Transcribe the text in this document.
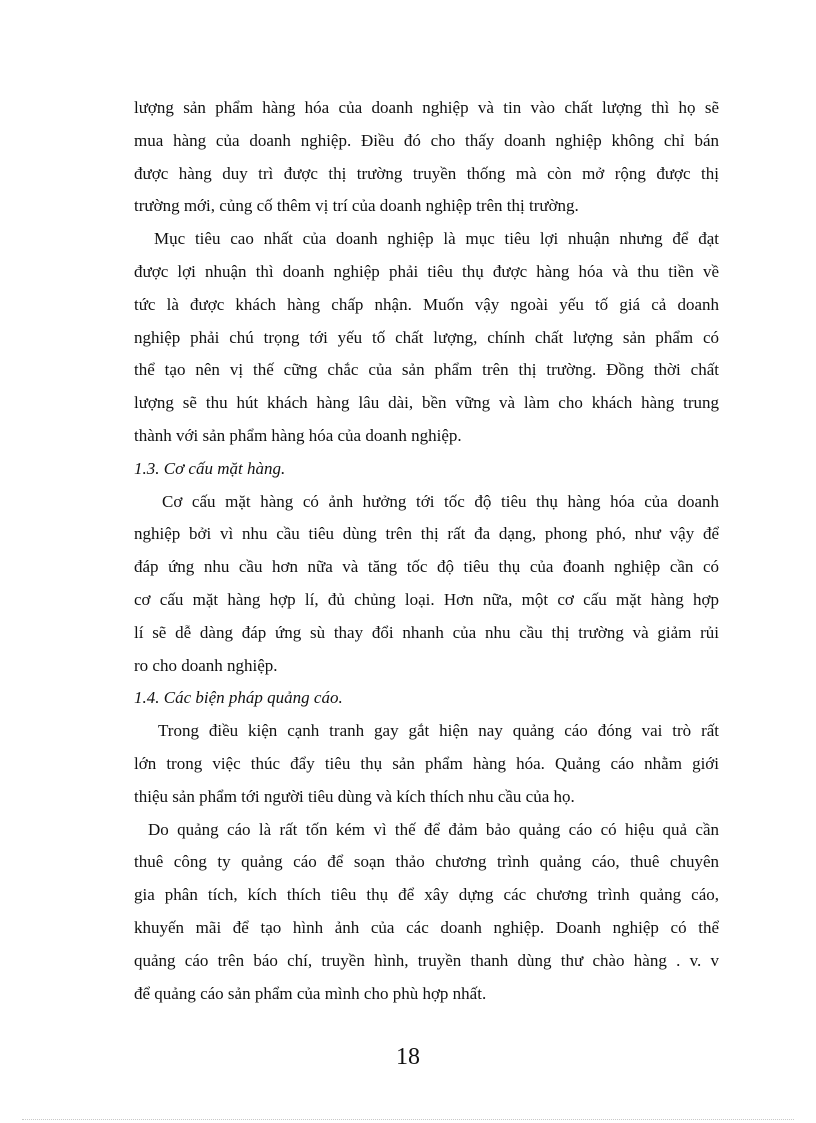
lượng sản phẩm hàng hóa của doanh nghiệp và tin vào chất lượng thì họ sẽ
mua hàng của doanh nghiệp. Điều đó cho thấy doanh nghiệp không chỉ bán
được hàng duy trì được thị trường truyền thống mà còn mở rộng được thị
trường mới, củng cố thêm vị trí của doanh nghiệp trên thị trường.
Mục tiêu cao nhất của doanh nghiệp là mục tiêu lợi nhuận nhưng để đạt
được lợi nhuận thì doanh nghiệp phải tiêu thụ được hàng hóa và thu tiền về
tức là được khách hàng chấp nhận. Muốn vậy ngoài yếu tố giá cả doanh
nghiệp phải chú trọng tới yếu tố chất lượng, chính chất lượng sản phẩm có
thể tạo nên vị thế cững chắc của sản phẩm trên thị trường. Đồng thời chất
lượng sẽ thu hút khách hàng lâu dài, bền vững và làm cho khách hàng trung
thành với sản phẩm hàng hóa của doanh nghiệp.
1.3. Cơ cấu mặt hàng.
Cơ cấu mặt hàng có ảnh hưởng tới tốc độ tiêu thụ hàng hóa của doanh
nghiệp bởi vì nhu cầu tiêu dùng trên thị rất đa dạng, phong phó, như vậy để
đáp ứng nhu cầu hơn nữa và tăng tốc độ tiêu thụ của đoanh nghiệp cần có
cơ cấu mặt hàng hợp lí, đủ chủng loại. Hơn nữa, một cơ cấu mặt hàng hợp
lí sẽ dễ dàng đáp ứng sù thay đổi nhanh của nhu cầu thị trường và giảm rủi
ro cho doanh nghiệp.
1.4. Các biện pháp quảng cáo.
Trong điều kiện cạnh tranh gay gắt hiện nay quảng cáo đóng vai trò rất
lớn trong việc thúc đẩy tiêu thụ sản phẩm hàng hóa. Quảng cáo nhằm giới
thiệu sản phẩm tới người tiêu dùng và kích thích nhu cầu của họ.
Do quảng cáo là rất tốn kém vì thế để đảm bảo quảng cáo có hiệu quả cần
thuê công ty quảng cáo để soạn thảo chương trình quảng cáo, thuê chuyên
gia phân tích, kích thích tiêu thụ để xây dựng các chương trình quảng cáo,
khuyến mãi để tạo hình ảnh của các doanh nghiệp. Doanh nghiệp có thể
quảng cáo trên báo chí, truyền hình, truyền thanh dùng thư chào hàng . v. v
để quảng cáo sản phẩm của mình cho phù hợp nhất.
18
